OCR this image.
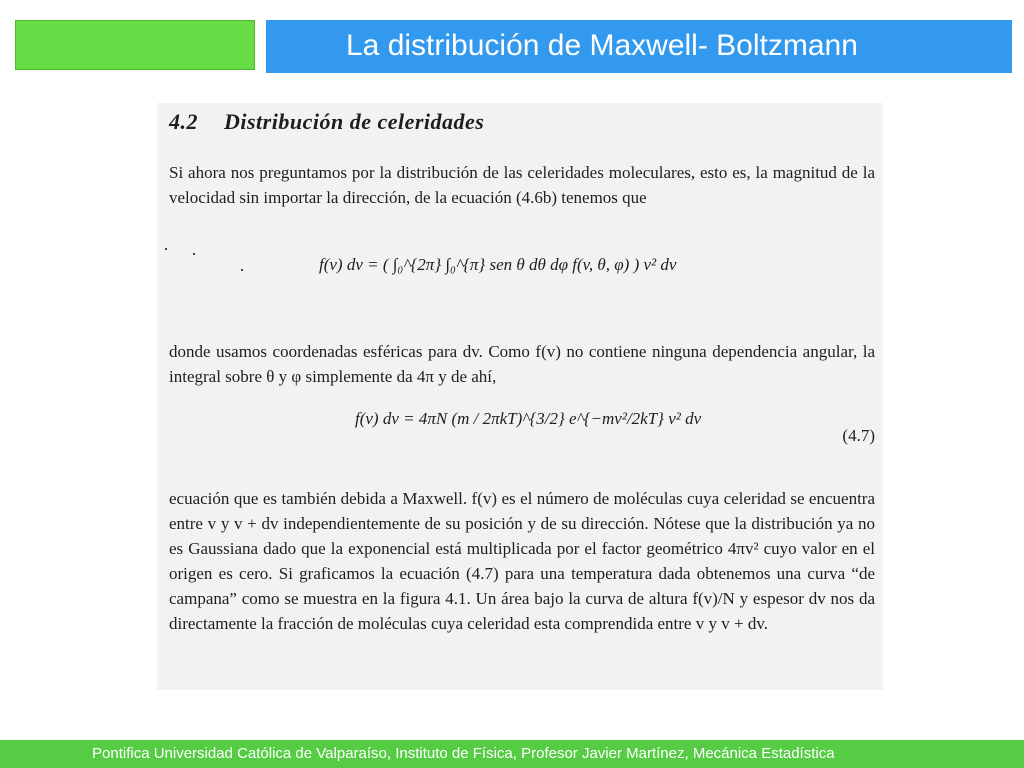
La distribución de Maxwell- Boltzmann
4.2 Distribución de celeridades
Si ahora nos preguntamos por la distribución de las celeridades moleculares, esto es, la magnitud de la velocidad sin importar la dirección, de la ecuación (4.6b) tenemos que
f(v) dv = ( ∫₀^{2π} ∫₀^{π} sen θ dθ dφ f(v, θ, φ) ) v² dv
donde usamos coordenadas esféricas para dv. Como f(v) no contiene ninguna dependencia angular, la integral sobre θ y φ simplemente da 4π y de ahí,
f(v) dv = 4πN (m / 2πkT)^{3/2} e^{−mv²/2kT} v² dv
(4.7)
ecuación que es también debida a Maxwell. f(v) es el número de moléculas cuya celeridad se encuentra entre v y v + dv independientemente de su posición y de su dirección. Nótese que la distribución ya no es Gaussiana dado que la exponencial está multiplicada por el factor geométrico 4πv² cuyo valor en el origen es cero. Si graficamos la ecuación (4.7) para una temperatura dada obtenemos una curva “de campana” como se muestra en la figura 4.1. Un área bajo la curva de altura f(v)/N y espesor dv nos da directamente la fracción de moléculas cuya celeridad esta comprendida entre v y v + dv.
Pontifica Universidad Católica de Valparaíso, Instituto de Física, Profesor Javier Martínez, Mecánica Estadística
